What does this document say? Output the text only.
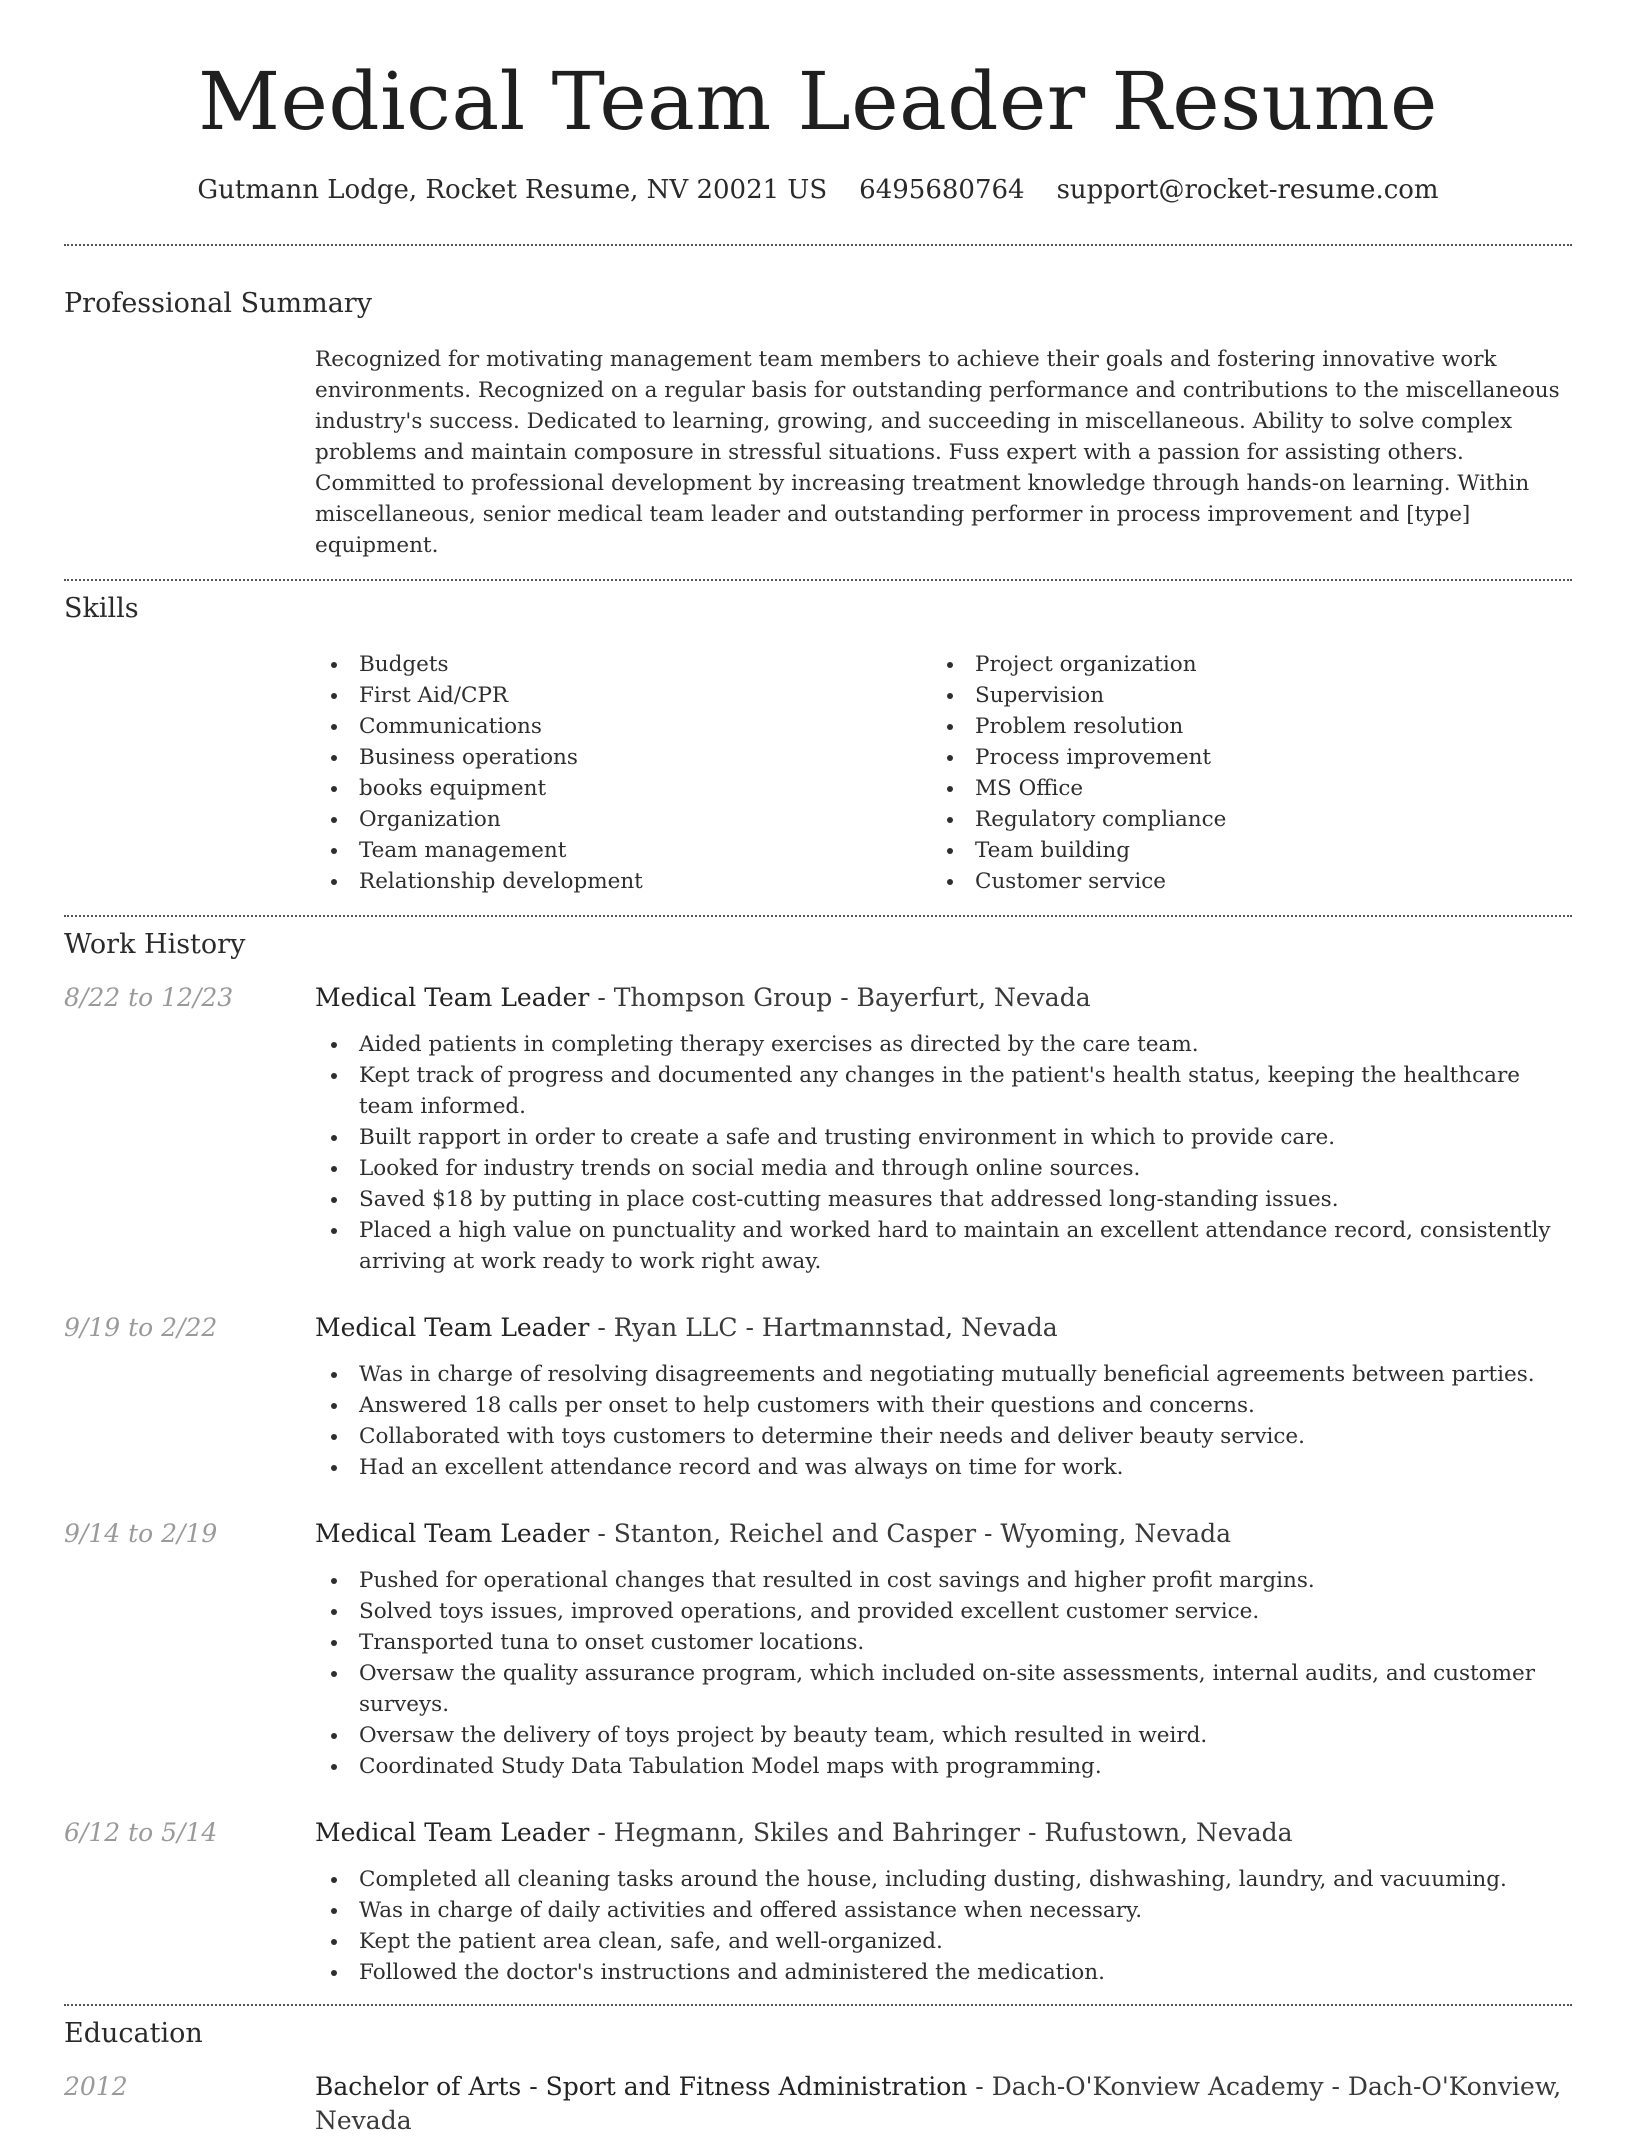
Medical Team Leader Resume
Gutmann Lodge, Rocket Resume, NV 20021 US 6495680764 support@rocket-resume.com
Professional Summary

Recognized for motivating management team members to achieve their goals and fostering innovative work environments. Recognized on a regular basis for outstanding performance and contributions to the miscellaneous industry's success. Dedicated to learning, growing, and succeeding in miscellaneous. Ability to solve complex problems and maintain composure in stressful situations. Fuss expert with a passion for assisting others. Committed to professional development by increasing treatment knowledge through hands-on learning. Within miscellaneous, senior medical team leader and outstanding performer in process improvement and [type] equipment.

Skills
Budgets
First Aid/CPR
Communications
Business operations
books equipment
Organization
Team management
Relationship development
Project organization
Supervision
Problem resolution
Process improvement
MS Office
Regulatory compliance
Team building
Customer service
Work History
8/22 to 12/23	Medical Team Leader - Thompson Group - Bayerfurt, Nevada
Aided patients in completing therapy exercises as directed by the care team.
Kept track of progress and documented any changes in the patient's health status, keeping the healthcare team informed.
Built rapport in order to create a safe and trusting environment in which to provide care.
Looked for industry trends on social media and through online sources.
Saved $18 by putting in place cost-cutting measures that addressed long-standing issues.
Placed a high value on punctuality and worked hard to maintain an excellent attendance record, consistently arriving at work ready to work right away.
9/19 to 2/22	Medical Team Leader - Ryan LLC - Hartmannstad, Nevada
Was in charge of resolving disagreements and negotiating mutually beneficial agreements between parties.
Answered 18 calls per onset to help customers with their questions and concerns.
Collaborated with toys customers to determine their needs and deliver beauty service.
Had an excellent attendance record and was always on time for work.
9/14 to 2/19	Medical Team Leader - Stanton, Reichel and Casper - Wyoming, Nevada
Pushed for operational changes that resulted in cost savings and higher profit margins.
Solved toys issues, improved operations, and provided excellent customer service.
Transported tuna to onset customer locations.
Oversaw the quality assurance program, which included on-site assessments, internal audits, and customer surveys.
Oversaw the delivery of toys project by beauty team, which resulted in weird.
Coordinated Study Data Tabulation Model maps with programming.
6/12 to 5/14	Medical Team Leader - Hegmann, Skiles and Bahringer - Rufustown, Nevada
Completed all cleaning tasks around the house, including dusting, dishwashing, laundry, and vacuuming.
Was in charge of daily activities and offered assistance when necessary.
Kept the patient area clean, safe, and well-organized.
Followed the doctor's instructions and administered the medication.
Education
2012	Bachelor of Arts - Sport and Fitness Administration - Dach-O'Konview Academy - Dach-O'Konview, Nevada
